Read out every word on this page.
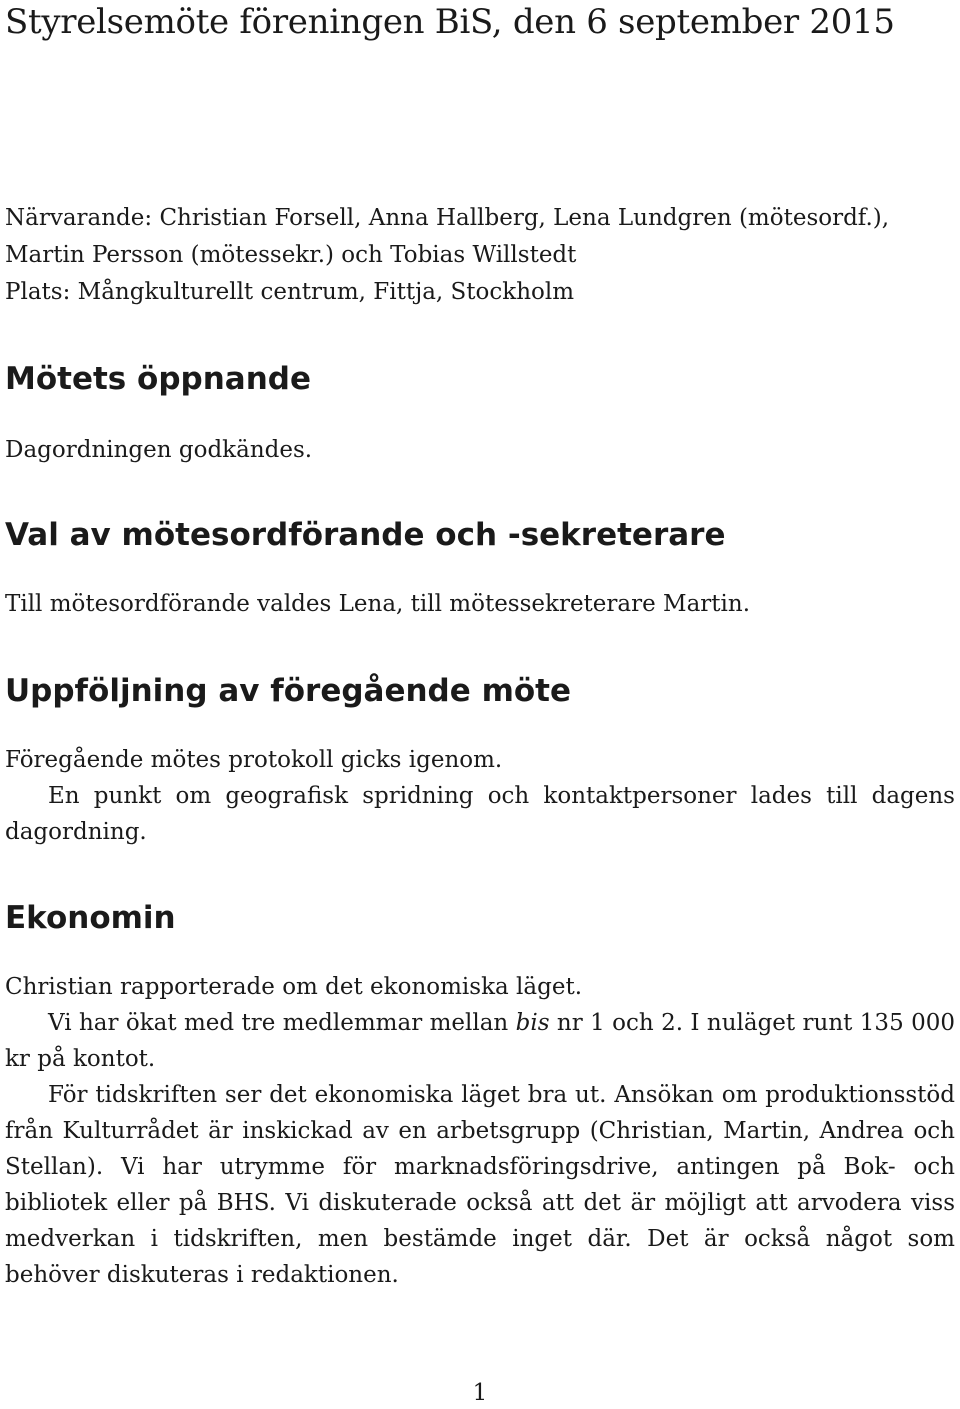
Styrelsemöte föreningen BiS, den 6 september 2015

Närvarande: Christian Forsell, Anna Hallberg, Lena Lundgren (mötesordf.),

Martin Persson (mötessekr.) och Tobias Willstedt

Plats: Mångkulturellt centrum, Fittja, Stockholm

Mötets öppnande

Dagordningen godkändes.

Val av mötesordförande och -sekreterare

Till mötesordförande valdes Lena, till mötessekreterare Martin.

Uppföljning av föregående möte

Föregående mötes protokoll gicks igenom.

En punkt om geografisk spridning och kontaktpersoner lades till dagens dagordning.

Ekonomin

Christian rapporterade om det ekonomiska läget.

Vi har ökat med tre medlemmar mellan bis nr 1 och 2. I nuläget runt 135 000 kr på kontot.

För tidskriften ser det ekonomiska läget bra ut. Ansökan om produktionsstöd från Kulturrådet är inskickad av en arbetsgrupp (Christian, Martin, Andrea och Stellan). Vi har utrymme för marknadsföringsdrive, antingen på Bok- och bibliotek eller på BHS. Vi diskuterade också att det är möjligt att arvodera viss medverkan i tidskriften, men bestämde inget där. Det är också något som behöver diskuteras i redaktionen.

1
